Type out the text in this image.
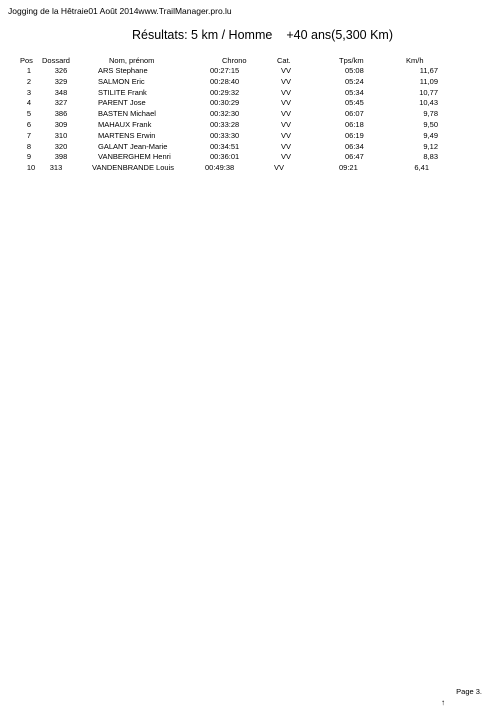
Jogging de la Hêtraie01 Août 2014www.TrailManager.pro.lu
Résultats: 5 km / Homme +40 ans(5,300 Km)
Pos Dossard	Nom, prénom	Chrono	Cat.	Tps/km	Km/h
1	326	ARS Stephane	00:27:15	VV	05:08	11,67
2	329	SALMON Eric	00:28:40	VV	05:24	11,09
3	348	STILITE Frank	00:29:32	VV	05:34	10,77
4	327	PARENT Jose	00:30:29	VV	05:45	10,43
5	386	BASTEN Michael	00:32:30	VV	06:07	9,78
6	309	MAHAUX Frank	00:33:28	VV	06:18	9,50
7	310	MARTENS Erwin	00:33:30	VV	06:19	9,49
8	320	GALANT Jean-Marie	00:34:51	VV	06:34	9,12
9	398	VANBERGHEM Henri	00:36:01	VV	06:47	8,83
10	313	VANDENBRANDE Louis	00:49:38	VV	09:21	6,41
Page 3.
↑
